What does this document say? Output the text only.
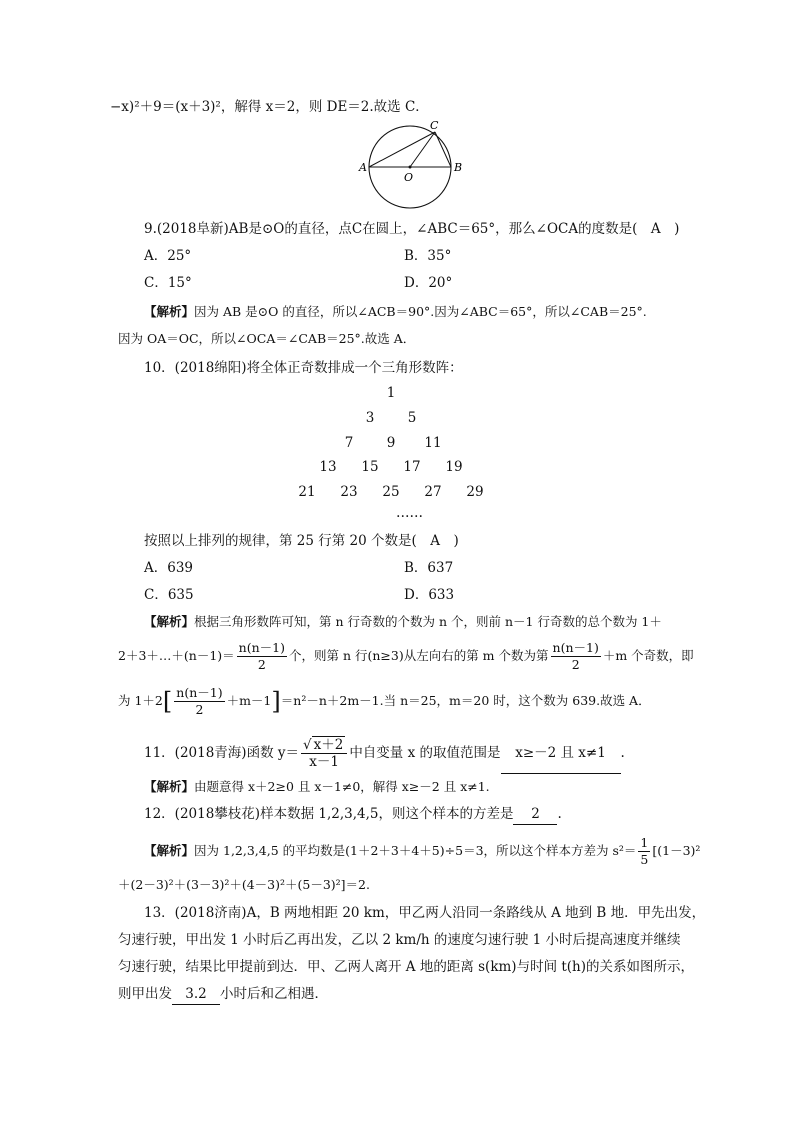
−x)²＋9＝(x＋3)²，解得 x＝2，则 DE＝2.故选 C．
A	B
C
O
9.(2018阜新)AB是⊙O的直径，点C在圆上，∠ABC＝65°，那么∠OCA的度数是(　A　)
A．25°	B．35°
C．15°	D．20°
【解析】因为 AB 是⊙O 的直径，所以∠ACB＝90°.因为∠ABC＝65°，所以∠CAB＝25°.
因为 OA＝OC，所以∠OCA＝∠CAB＝25°.故选 A．
10．(2018绵阳)将全体正奇数排成一个三角形数阵：
1
3	5
7	9	11
13	15	17	19
21	23	25	27	29
……
按照以上排列的规律，第 25 行第 20 个数是(　A　)
A．639	B．637
C．635	D．633
【解析】根据三角形数阵可知，第 n 行奇数的个数为 n 个，则前 n－1 行奇数的总个数为 1＋
2＋3＋…＋(n－1)＝ $\frac{n(n-1)}{2}$ 个，则第 n 行(n≥3)从左向右的第 m 个数为第 $\frac{n(n-1)}{2} +m$ 个奇数，即
为 $1+2[ \frac{n(n-1)}{2} +m-1]=n^2-n+2m-1$.当 n＝25，m＝20 时，这个数为 639.故选 A．
11．(2018青海)函数 $y= \frac{√ x+2}{x-1}$ 中自变量 x 的取值范围是 x≥－2 且 x≠1 .
【解析】由题意得 x＋2≥0 且 x－1≠0，解得 x≥－2 且 x≠1.
12．(2018攀枝花)样本数据 1,2,3,4,5，则这个样本的方差是 2 .
【解析】因为 1,2,3,4,5 的平均数是(1＋2＋3＋4＋5)÷5＝3，所以这个样本方差为 $s^2= \frac{1}{5} [(1-3)^2$
＋(2－3)²＋(3－3)²＋(4－3)²＋(5－3)²]＝2.
13．(2018济南)A，B 两地相距 20 km，甲乙两人沿同一条路线从 A 地到 B 地．甲先出发，
匀速行驶，甲出发 1 小时后乙再出发，乙以 2 km/h 的速度匀速行驶 1 小时后提高速度并继续
匀速行驶，结果比甲提前到达．甲、乙两人离开 A 地的距离 s(km)与时间 t(h)的关系如图所示，
则甲出发 3.2 小时后和乙相遇．
